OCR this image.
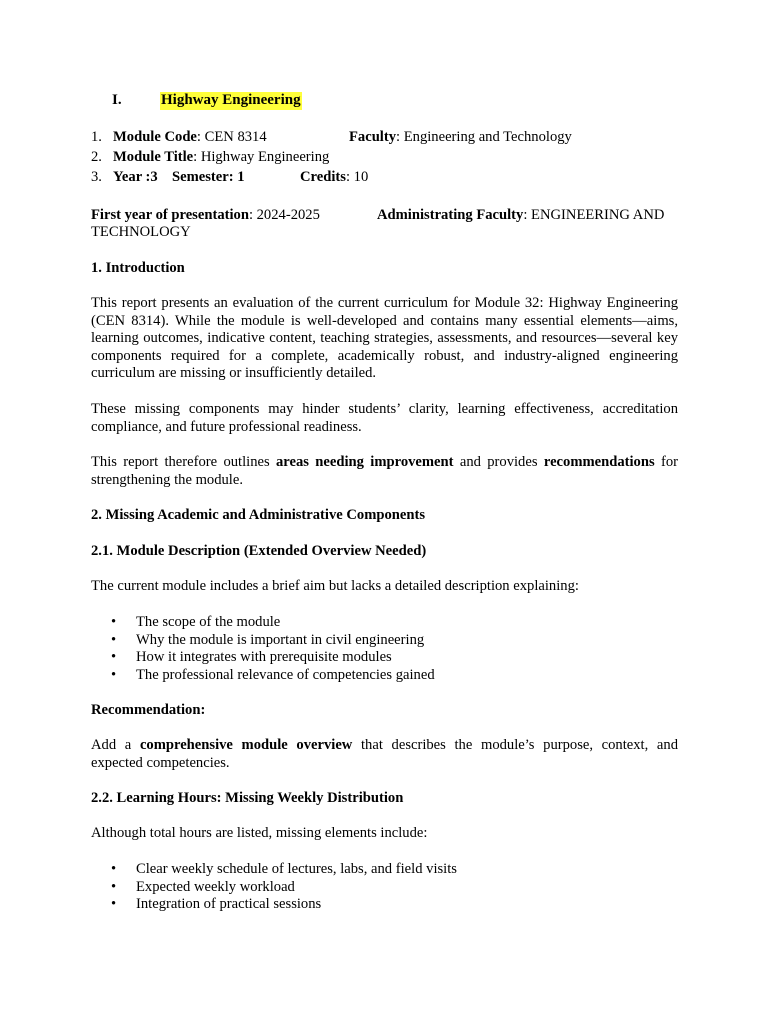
I.	Highway Engineering
1. Module Code: CEN 8314	Faculty: Engineering and Technology
2. Module Title: Highway Engineering
3. Year :3 Semester: 1	Credits: 10
First year of presentation: 2024-2025	Administrating Faculty: ENGINEERING AND
TECHNOLOGY
1. Introduction
This report presents an evaluation of the current curriculum for Module 32: Highway Engineering (CEN 8314). While the module is well-developed and contains many essential elements—aims, learning outcomes, indicative content, teaching strategies, assessments, and resources—several key components required for a complete, academically robust, and industry-aligned engineering curriculum are missing or insufficiently detailed.
These missing components may hinder students’ clarity, learning effectiveness, accreditation compliance, and future professional readiness.
This report therefore outlines areas needing improvement and provides recommendations for strengthening the module.
2. Missing Academic and Administrative Components
2.1. Module Description (Extended Overview Needed)
The current module includes a brief aim but lacks a detailed description explaining:
• The scope of the module
• Why the module is important in civil engineering
• How it integrates with prerequisite modules
• The professional relevance of competencies gained
Recommendation:
Add a comprehensive module overview that describes the module’s purpose, context, and expected competencies.
2.2. Learning Hours: Missing Weekly Distribution
Although total hours are listed, missing elements include:
• Clear weekly schedule of lectures, labs, and field visits
• Expected weekly workload
• Integration of practical sessions
